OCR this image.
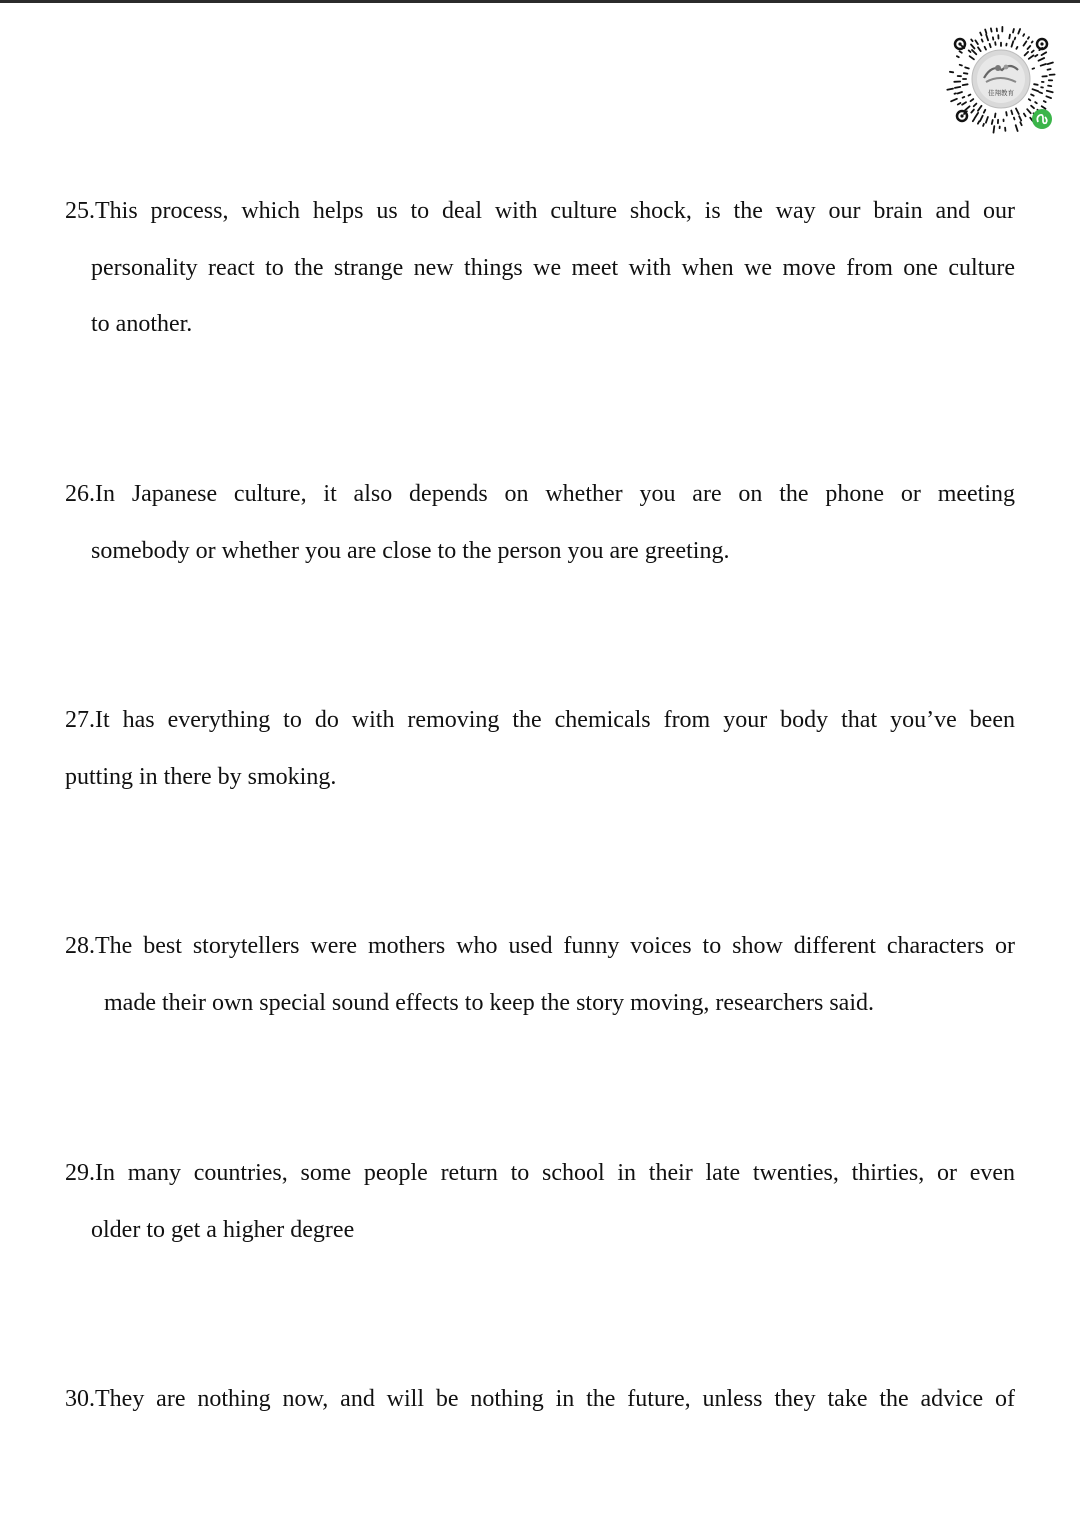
佳翔教育
25.This process, which helps us to deal with culture shock, is the way our brain and our
personality react to the strange new things we meet with when we move from one culture
to another.
26.In Japanese culture, it also depends on whether you are on the phone or meeting
somebody or whether you are close to the person you are greeting.
27.It has everything to do with removing the chemicals from your body that you’ve been
putting in there by smoking.
28.The best storytellers were mothers who used funny voices to show different characters or
made their own special sound effects to keep the story moving, researchers said.
29.In many countries, some people return to school in their late twenties, thirties, or even
older to get a higher degree
30.They are nothing now, and will be nothing in the future, unless they take the advice of
